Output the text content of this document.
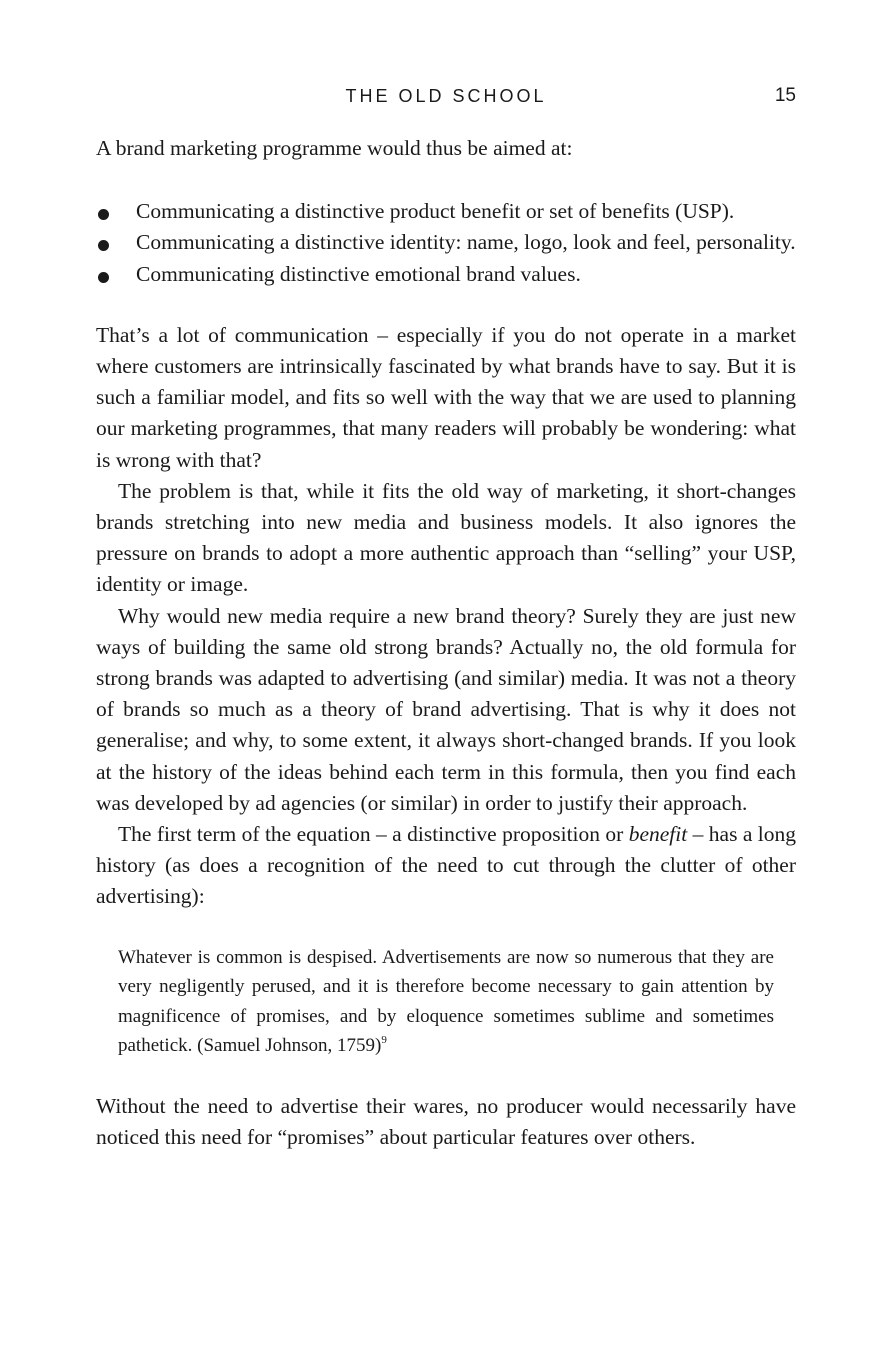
THE OLD SCHOOL	15

A brand marketing programme would thus be aimed at:

Communicating a distinctive product benefit or set of benefits (USP).
Communicating a distinctive identity: name, logo, look and feel, personality.
Communicating distinctive emotional brand values.

That’s a lot of communication – especially if you do not operate in a market where customers are intrinsically fascinated by what brands have to say. But it is such a familiar model, and fits so well with the way that we are used to planning our marketing programmes, that many readers will probably be wondering: what is wrong with that?

The problem is that, while it fits the old way of marketing, it short-changes brands stretching into new media and business models. It also ignores the pressure on brands to adopt a more authentic approach than “selling” your USP, identity or image.

Why would new media require a new brand theory? Surely they are just new ways of building the same old strong brands? Actually no, the old formula for strong brands was adapted to advertising (and similar) media. It was not a theory of brands so much as a theory of brand advertising. That is why it does not generalise; and why, to some extent, it always short-changed brands. If you look at the history of the ideas behind each term in this formula, then you find each was developed by ad agencies (or similar) in order to justify their approach.

The first term of the equation – a distinctive proposition or benefit – has a long history (as does a recognition of the need to cut through the clutter of other advertising):

Whatever is common is despised. Advertisements are now so numerous that they are very negligently perused, and it is therefore become necessary to gain attention by magnificence of promises, and by eloquence sometimes sublime and sometimes pathetick. (Samuel Johnson, 1759)$^9$

Without the need to advertise their wares, no producer would necessarily have noticed this need for “promises” about particular features over others.
